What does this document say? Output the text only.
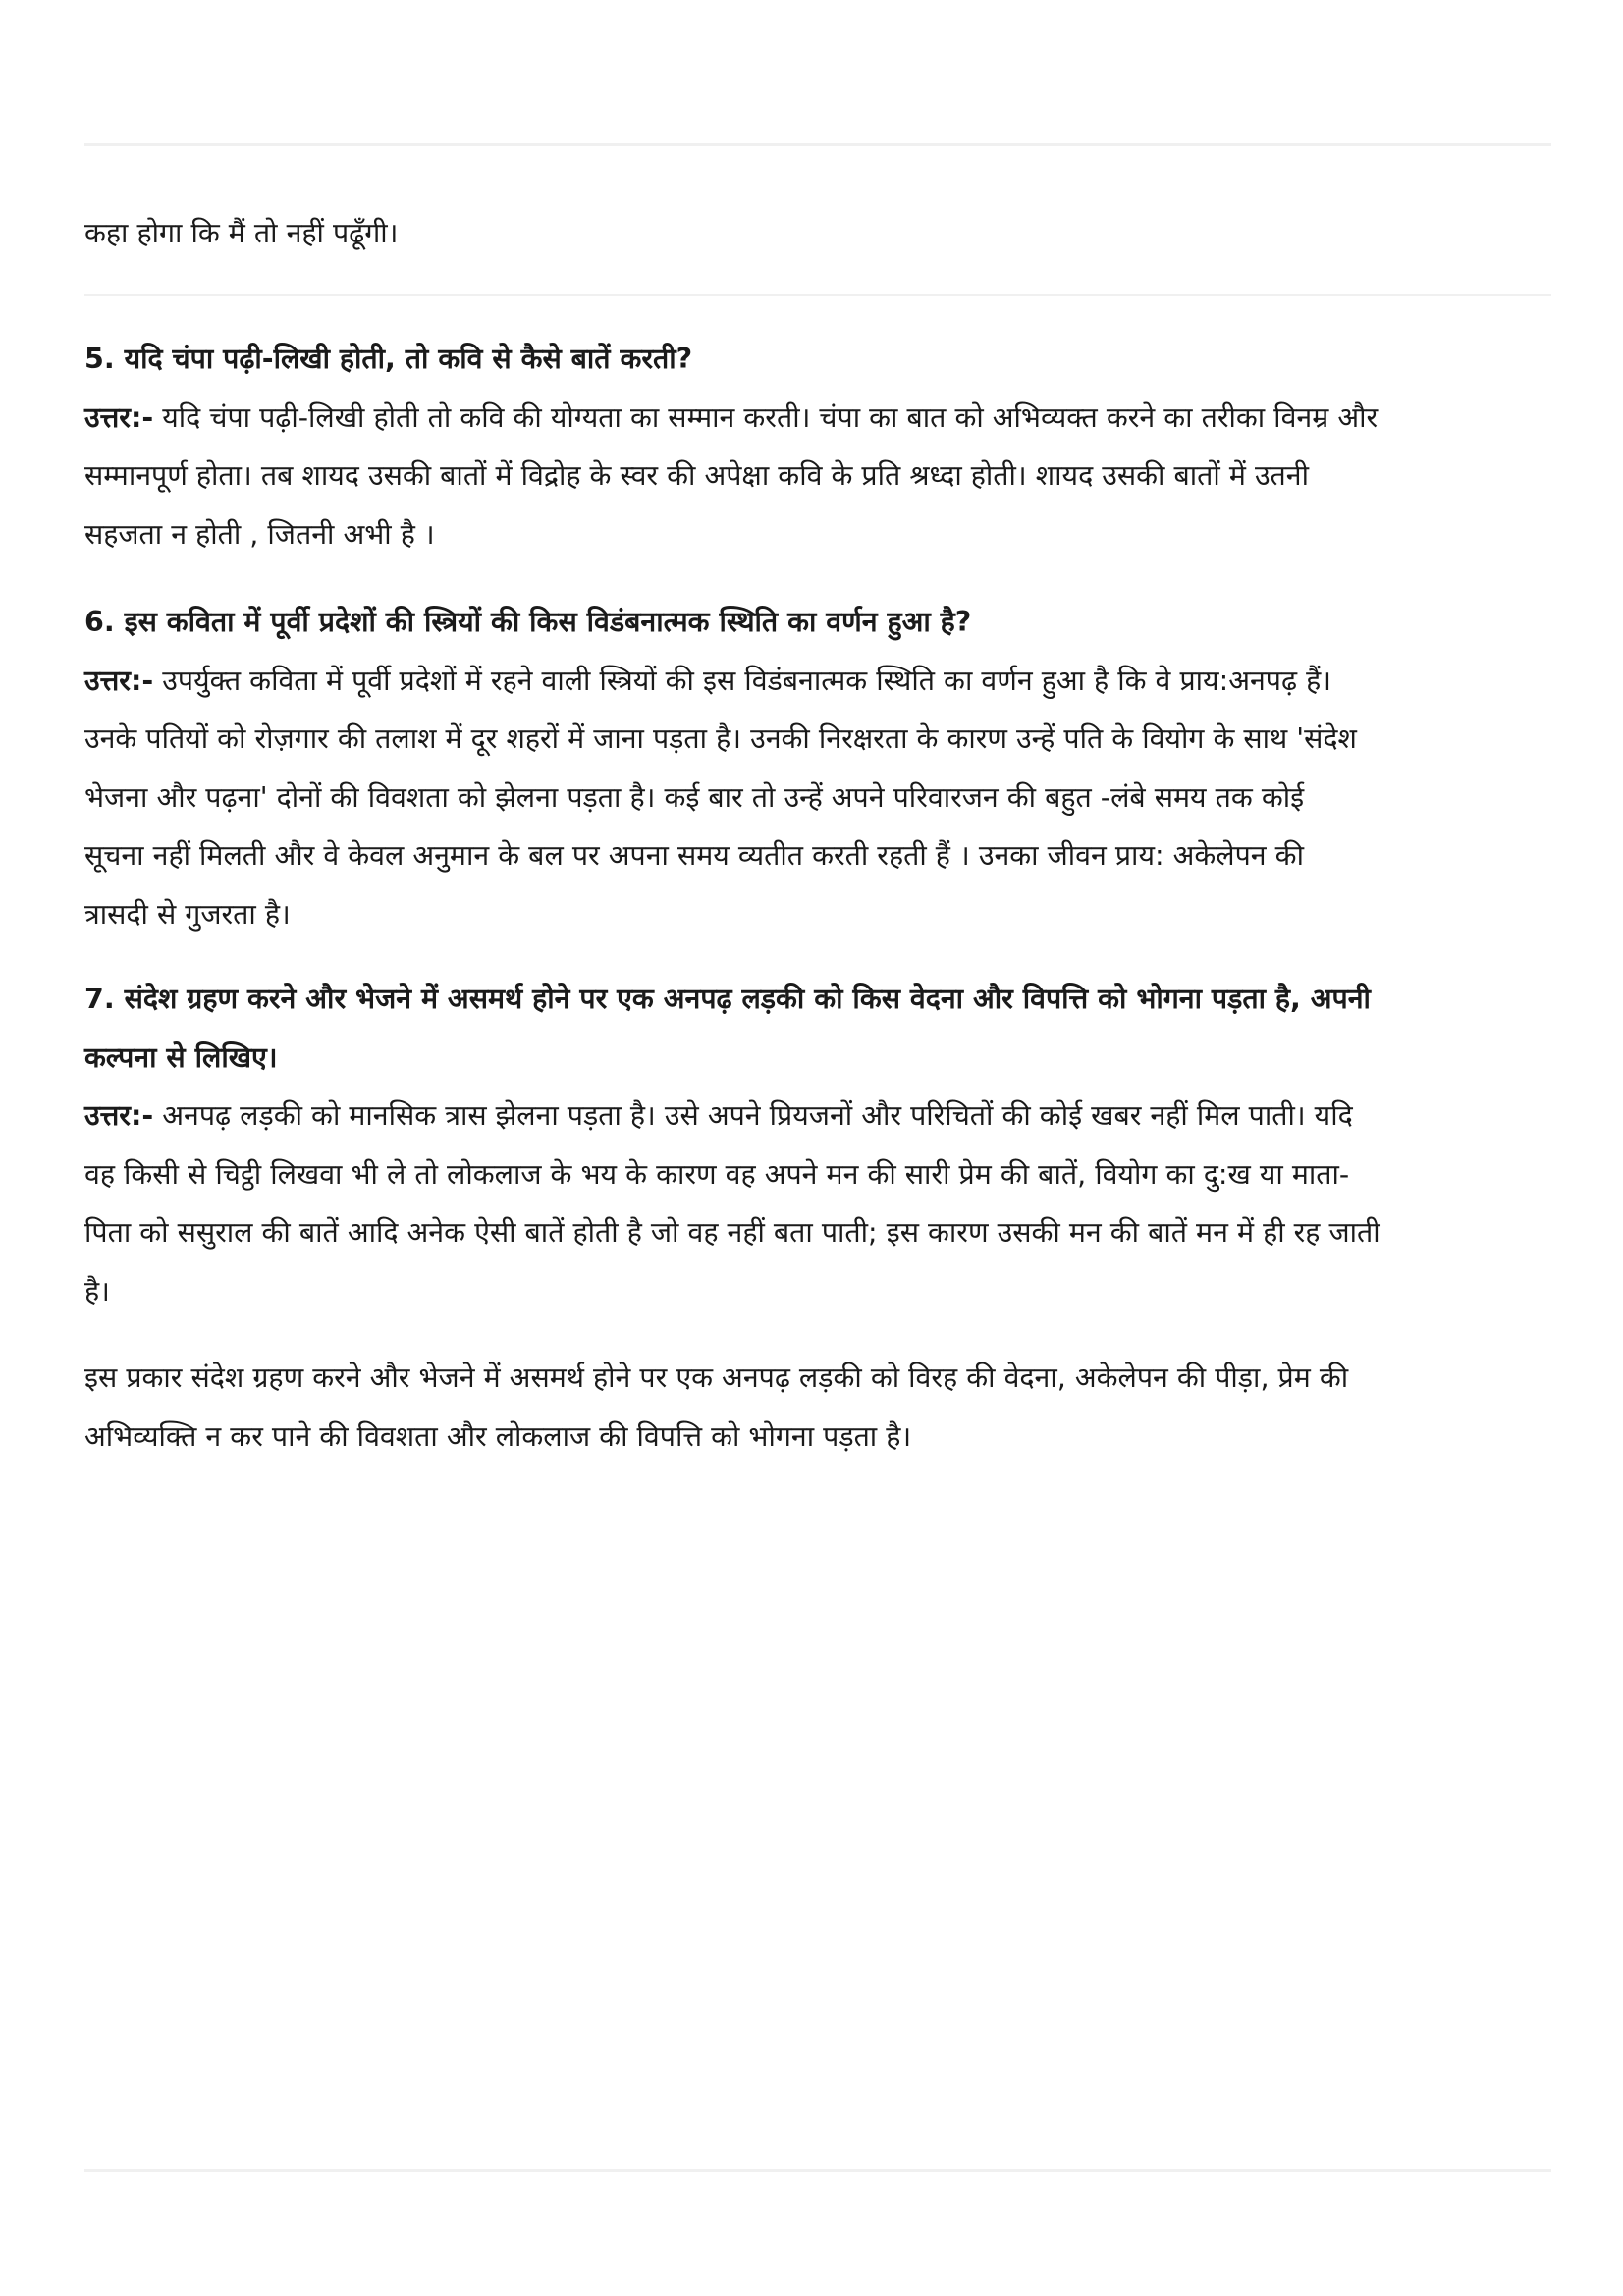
कहा होगा कि मैं तो नहीं पढूँगी।
5. यदि चंपा पढ़ी-लिखी होती, तो कवि से कैसे बातें करती?
उत्तर:- यदि चंपा पढ़ी-लिखी होती तो कवि की योग्यता का सम्मान करती। चंपा का बात को अभिव्यक्त करने का तरीका विनम्र और
सम्मानपूर्ण होता। तब शायद उसकी बातों में विद्रोह के स्वर की अपेक्षा कवि के प्रति श्रध्दा होती। शायद उसकी बातों में उतनी
सहजता न होती , जितनी अभी है ।
6. इस कविता में पूर्वी प्रदेशों की स्त्रियों की किस विडंबनात्मक स्थिति का वर्णन हुआ है?
उत्तर:- उपर्युक्त कविता में पूर्वी प्रदेशों में रहने वाली स्त्रियों की इस विडंबनात्मक स्थिति का वर्णन हुआ है कि वे प्राय:अनपढ़ हैं।
उनके पतियों को रोज़गार की तलाश में दूर शहरों में जाना पड़ता है। उनकी निरक्षरता के कारण उन्हें पति के वियोग के साथ 'संदेश
भेजना और पढ़ना' दोनों की विवशता को झेलना पड़ता है। कई बार तो उन्हें अपने परिवारजन की बहुत -लंबे समय तक कोई
सूचना नहीं मिलती और वे केवल अनुमान के बल पर अपना समय व्यतीत करती रहती हैं । उनका जीवन प्राय: अकेलेपन की
त्रासदी से गुजरता है।
7. संदेश ग्रहण करने और भेजने में असमर्थ होने पर एक अनपढ़ लड़की को किस वेदना और विपत्ति को भोगना पड़ता है, अपनी
कल्पना से लिखिए।
उत्तर:- अनपढ़ लड़की को मानसिक त्रास झेलना पड़ता है। उसे अपने प्रियजनों और परिचितों की कोई खबर नहीं मिल पाती। यदि
वह किसी से चिट्ठी लिखवा भी ले तो लोकलाज के भय के कारण वह अपने मन की सारी प्रेम की बातें, वियोग का दु:ख या माता-
पिता को ससुराल की बातें आदि अनेक ऐसी बातें होती है जो वह नहीं बता पाती; इस कारण उसकी मन की बातें मन में ही रह जाती
है।
इस प्रकार संदेश ग्रहण करने और भेजने में असमर्थ होने पर एक अनपढ़ लड़की को विरह की वेदना, अकेलेपन की पीड़ा, प्रेम की
अभिव्यक्ति न कर पाने की विवशता और लोकलाज की विपत्ति को भोगना पड़ता है।
